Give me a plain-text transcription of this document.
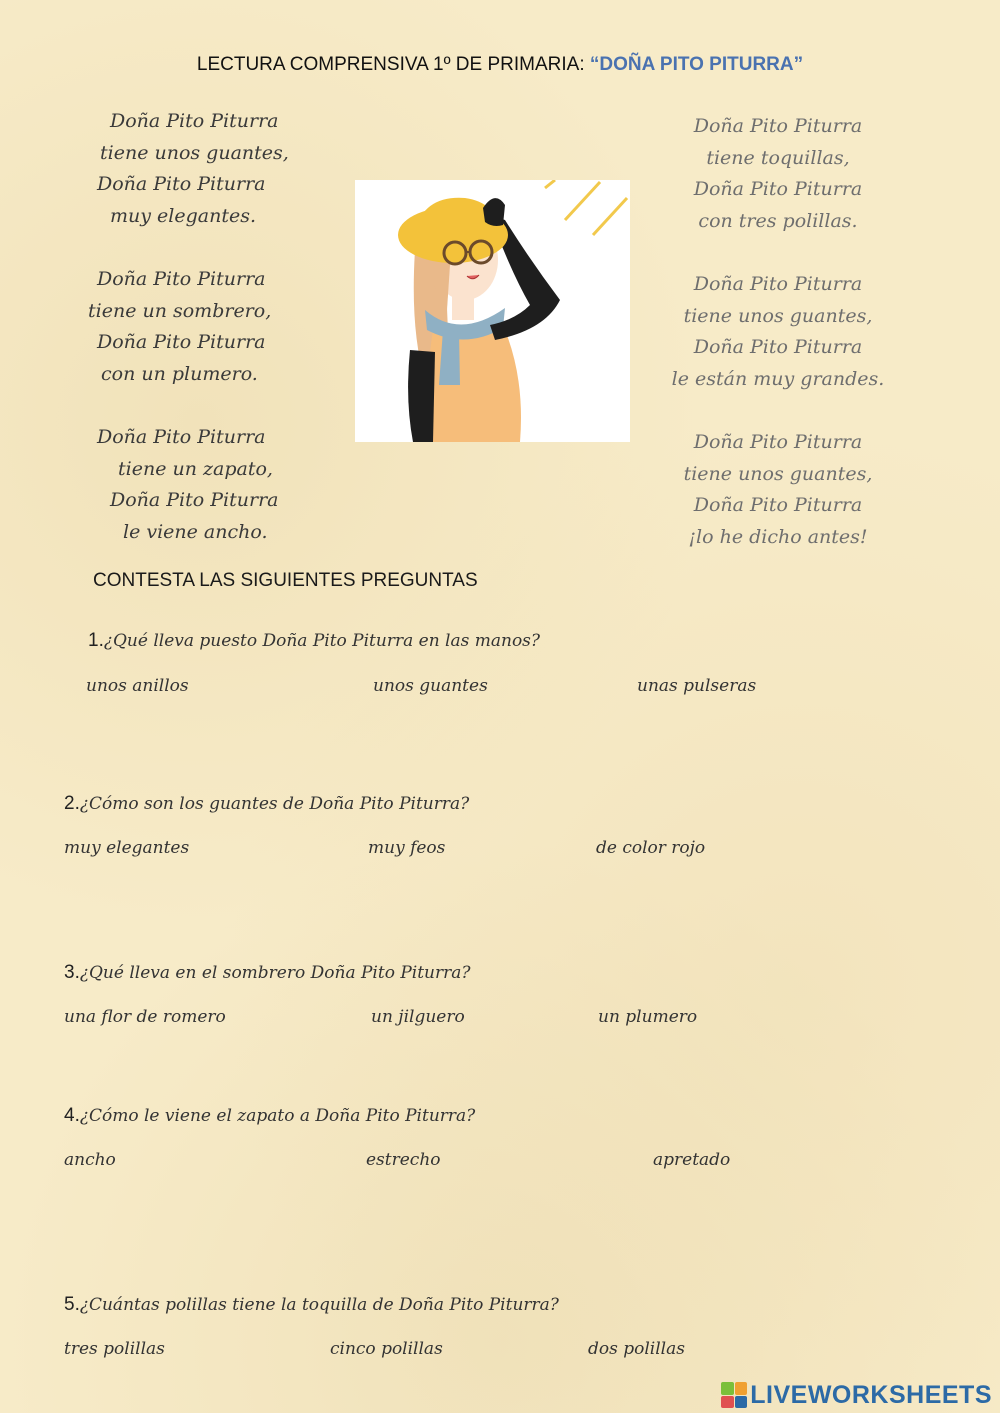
LECTURA COMPRENSIVA 1º DE PRIMARIA: “DOÑA PITO PITURRA”
Doña Pito Piturra
tiene unos guantes,
Doña Pito Piturra
muy elegantes.
Doña Pito Piturra
tiene un sombrero,
Doña Pito Piturra
con un plumero.
Doña Pito Piturra
tiene un zapato,
Doña Pito Piturra
le viene ancho.
Doña Pito Piturra
tiene toquillas,
Doña Pito Piturra
con tres polillas.
Doña Pito Piturra
tiene unos guantes,
Doña Pito Piturra
le están muy grandes.
Doña Pito Piturra
tiene unos guantes,
Doña Pito Piturra
¡lo he dicho antes!
CONTESTA LAS SIGUIENTES PREGUNTAS
1.¿Qué lleva puesto Doña Pito Piturra en las manos?
unos anillos	unos guantes	unas pulseras
2.¿Cómo son los guantes de Doña Pito Piturra?
muy elegantes	muy feos	de color rojo
3.¿Qué lleva en el sombrero Doña Pito Piturra?
una flor de romero	un jilguero	un plumero
4.¿Cómo le viene el zapato a Doña Pito Piturra?
ancho	estrecho	apretado
5.¿Cuántas polillas tiene la toquilla de Doña Pito Piturra?
tres polillas	cinco polillas	dos polillas
LIVEWORKSHEETS
